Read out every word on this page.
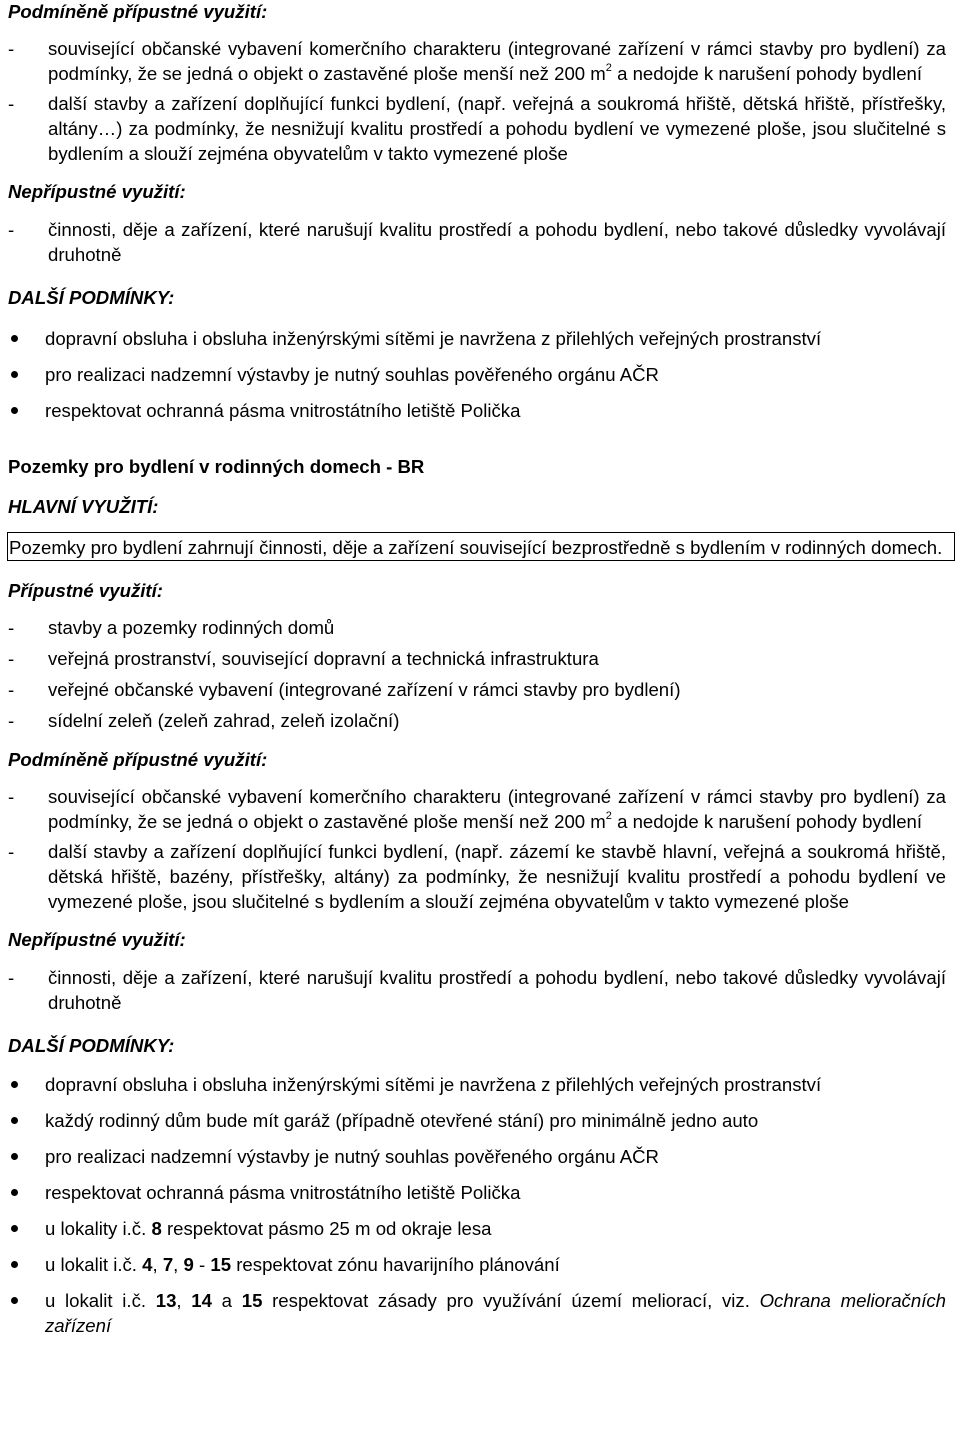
Podmíněně přípustné využití:

- související občanské vybavení komerčního charakteru (integrované zařízení v rámci stavby pro bydlení) za podmínky, že se jedná o objekt o zastavěné ploše menší než 200 $m^2$ a nedojde k narušení pohody bydlení
- další stavby a zařízení doplňující funkci bydlení, (např. veřejná a soukromá hřiště, dětská hřiště, přístřešky, altány…) za podmínky, že nesnižují kvalitu prostředí a pohodu bydlení ve vymezené ploše, jsou slučitelné s bydlením a slouží zejména obyvatelům v takto vymezené ploše

Nepřípustné využití:

- činnosti, děje a zařízení, které narušují kvalitu prostředí a pohodu bydlení, nebo takové důsledky vyvolávají druhotně

DALŠÍ PODMÍNKY:

dopravní obsluha i obsluha inženýrskými sítěmi je navržena z přilehlých veřejných prostranství
pro realizaci nadzemní výstavby je nutný souhlas pověřeného orgánu AČR
respektovat ochranná pásma vnitrostátního letiště Polička

Pozemky pro bydlení v rodinných domech - BR

HLAVNÍ VYUŽITÍ:

Pozemky pro bydlení zahrnují činnosti, děje a zařízení související bezprostředně s bydlením v rodinných domech.

Přípustné využití:

- stavby a pozemky rodinných domů
- veřejná prostranství, související dopravní a technická infrastruktura
- veřejné občanské vybavení (integrované zařízení v rámci stavby pro bydlení)
- sídelní zeleň (zeleň zahrad, zeleň izolační)

Podmíněně přípustné využití:

- související občanské vybavení komerčního charakteru (integrované zařízení v rámci stavby pro bydlení) za podmínky, že se jedná o objekt o zastavěné ploše menší než 200 $m^2$ a nedojde k narušení pohody bydlení
- další stavby a zařízení doplňující funkci bydlení, (např. zázemí ke stavbě hlavní, veřejná a soukromá hřiště, dětská hřiště, bazény, přístřešky, altány) za podmínky, že nesnižují kvalitu prostředí a pohodu bydlení ve vymezené ploše, jsou slučitelné s bydlením a slouží zejména obyvatelům v takto vymezené ploše

Nepřípustné využití:

- činnosti, děje a zařízení, které narušují kvalitu prostředí a pohodu bydlení, nebo takové důsledky vyvolávají druhotně

DALŠÍ PODMÍNKY:

dopravní obsluha i obsluha inženýrskými sítěmi je navržena z přilehlých veřejných prostranství
každý rodinný dům bude mít garáž (případně otevřené stání) pro minimálně jedno auto
pro realizaci nadzemní výstavby je nutný souhlas pověřeného orgánu AČR
respektovat ochranná pásma vnitrostátního letiště Polička
u lokality i.č. 8 respektovat pásmo 25 m od okraje lesa
u lokalit i.č. 4, 7, 9 - 15 respektovat zónu havarijního plánování
u lokalit i.č. 13, 14 a 15 respektovat zásady pro využívání území meliorací, viz. Ochrana melioračních zařízení
